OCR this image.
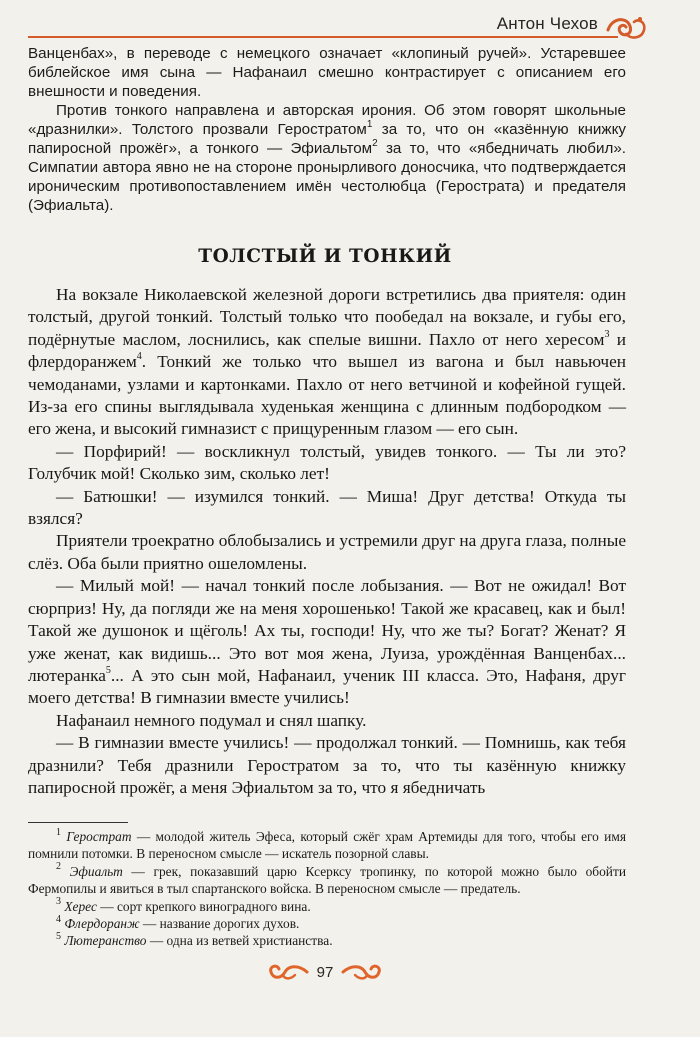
Антон Чехов

Ванценбах», в переводе с немецкого означает «клопиный ручей». Устаревшее библейское имя сына — Нафанаил смешно контрастирует с описанием его внешности и поведения.

Против тонкого направлена и авторская ирония. Об этом говорят школьные «дразнилки». Толстого прозвали Геростратом$^1$ за то, что он «казённую книжку папиросной прожёг», а тонкого — Эфиальтом$^2$ за то, что «ябедничать любил». Симпатии автора явно не на стороне пронырливого доносчика, что подтверждается ироническим противопоставлением имён честолюбца (Герострата) и предателя (Эфиальта).

ТОЛСТЫЙ И ТОНКИЙ

На вокзале Николаевской железной дороги встретились два приятеля: один толстый, другой тонкий. Толстый только что пообедал на вокзале, и губы его, подёрнутые маслом, лоснились, как спелые вишни. Пахло от него хересом$^3$ и флердоранжем$^4$. Тонкий же только что вышел из вагона и был навьючен чемоданами, узлами и картонками. Пахло от него ветчиной и кофейной гущей. Из-за его спины выглядывала худенькая женщина с длинным подбородком — его жена, и высокий гимназист с прищуренным глазом — его сын.

— Порфирий! — воскликнул толстый, увидев тонкого. — Ты ли это? Голубчик мой! Сколько зим, сколько лет!

— Батюшки! — изумился тонкий. — Миша! Друг детства! Откуда ты взялся?

Приятели троекратно облобызались и устремили друг на друга глаза, полные слёз. Оба были приятно ошеломлены.

— Милый мой! — начал тонкий после лобызания. — Вот не ожидал! Вот сюрприз! Ну, да погляди же на меня хорошенько! Такой же красавец, как и был! Такой же душонок и щёголь! Ах ты, господи! Ну, что же ты? Богат? Женат? Я уже женат, как видишь... Это вот моя жена, Луиза, урождённая Ванценбах... лютеранка$^5$... А это сын мой, Нафанаил, ученик III класса. Это, Нафаня, друг моего детства! В гимназии вместе учились!

Нафанаил немного подумал и снял шапку.

— В гимназии вместе учились! — продолжал тонкий. — Помнишь, как тебя дразнили? Тебя дразнили Геростратом за то, что ты казённую книжку папиросной прожёг, а меня Эфиальтом за то, что я ябедничать

$^1$ Герострат — молодой житель Эфеса, который сжёг храм Артемиды для того, чтобы его имя помнили потомки. В переносном смысле — искатель позорной славы.

$^2$ Эфиальт — грек, показавший царю Ксерксу тропинку, по которой можно было обойти Фермопилы и явиться в тыл спартанского войска. В переносном смысле — предатель.

$^3$ Херес — сорт крепкого виноградного вина.

$^4$ Флердоранж — название дорогих духов.

$^5$ Лютеранство — одна из ветвей христианства.

97
